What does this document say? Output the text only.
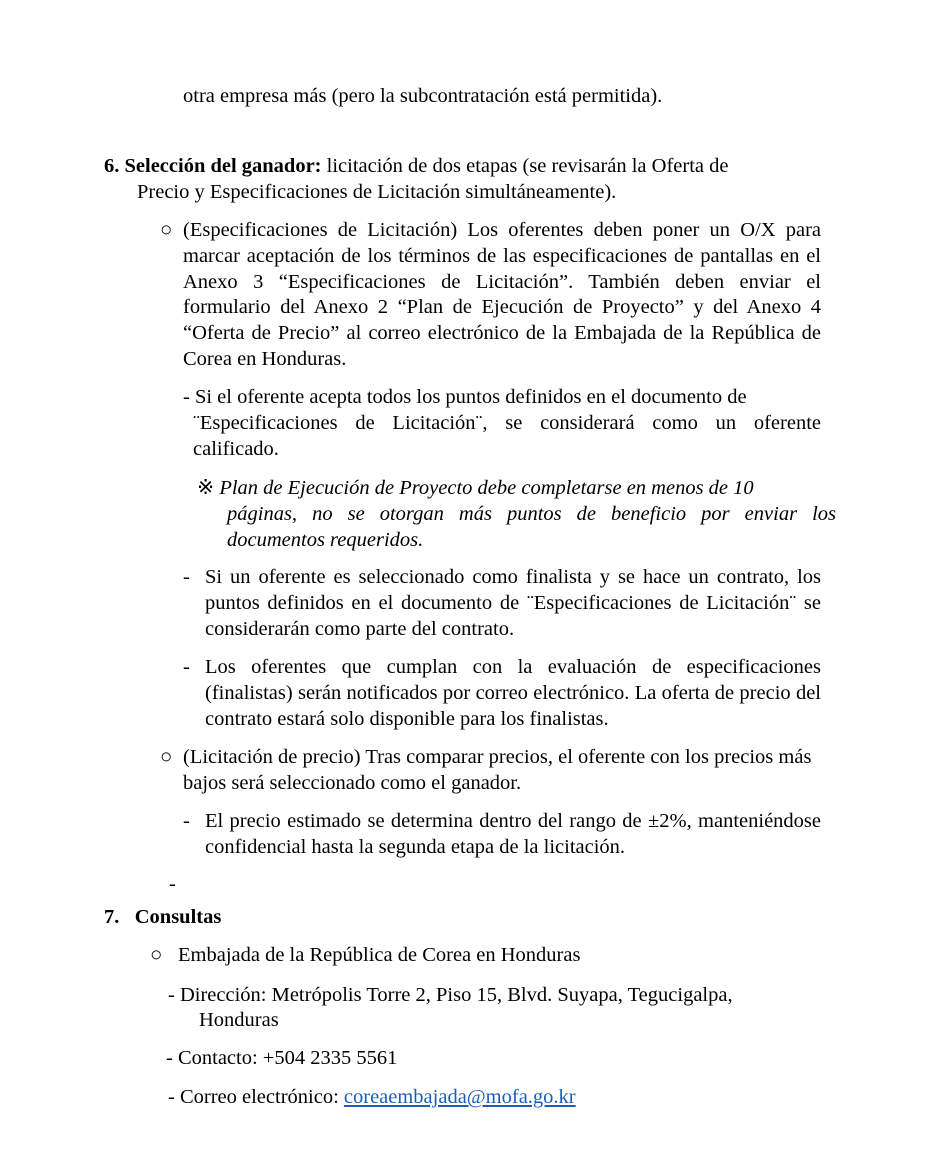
otra empresa más (pero la subcontratación está permitida).

6. Selección del ganador: licitación de dos etapas (se revisarán la Oferta de

Precio y Especificaciones de Licitación simultáneamente).

○ (Especificaciones de Licitación) Los oferentes deben poner un O/X para marcar aceptación de los términos de las especificaciones de pantallas en el Anexo 3 “Especificaciones de Licitación”. También deben enviar el formulario del Anexo 2 “Plan de Ejecución de Proyecto” y del Anexo 4 “Oferta de Precio” al correo electrónico de la Embajada de la República de Corea en Honduras.

- Si el oferente acepta todos los puntos definidos en el documento de

¨Especificaciones de Licitación¨, se considerará como un oferente calificado.

※ Plan de Ejecución de Proyecto debe completarse en menos de 10

páginas, no se otorgan más puntos de beneficio por enviar los documentos requeridos.

- Si un oferente es seleccionado como finalista y se hace un contrato, los puntos definidos en el documento de ¨Especificaciones de Licitación¨ se considerarán como parte del contrato.

- Los oferentes que cumplan con la evaluación de especificaciones (finalistas) serán notificados por correo electrónico. La oferta de precio del contrato estará solo disponible para los finalistas.

○ (Licitación de precio) Tras comparar precios, el oferente con los precios más bajos será seleccionado como el ganador.

- El precio estimado se determina dentro del rango de ±2%, manteniéndose confidencial hasta la segunda etapa de la licitación.

-

7.   Consultas

○ Embajada de la República de Corea en Honduras

- Dirección: Metrópolis Torre 2, Piso 15, Blvd. Suyapa, Tegucigalpa,

Honduras

- Contacto: +504 2335 5561

- Correo electrónico: coreaembajada@mofa.go.kr
